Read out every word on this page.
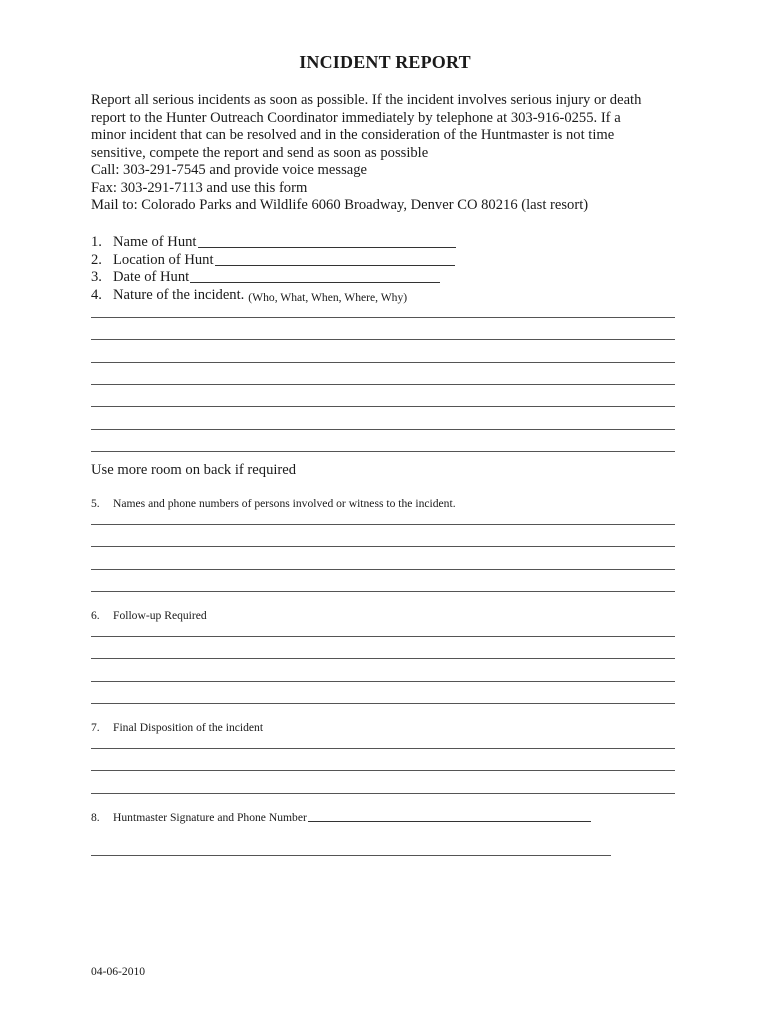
INCIDENT REPORT
Report all serious incidents as soon as possible. If the incident involves serious injury or death
report to the Hunter Outreach Coordinator immediately by telephone at 303-916-0255. If a
minor incident that can be resolved and in the consideration of the Huntmaster is not time
sensitive, compete the report and send as soon as possible
Call: 303-291-7545 and provide voice message
Fax: 303-291-7113 and use this form
Mail to: Colorado Parks and Wildlife 6060 Broadway, Denver CO 80216 (last resort)
1. Name of Hunt
2. Location of Hunt
3. Date of Hunt
4. Nature of the incident. (Who, What, When, Where, Why)
Use more room on back if required
5.	Names and phone numbers of persons involved or witness to the incident.
6.	Follow-up Required
7.	Final Disposition of the incident
8.	Huntmaster Signature and Phone Number
04-06-2010
